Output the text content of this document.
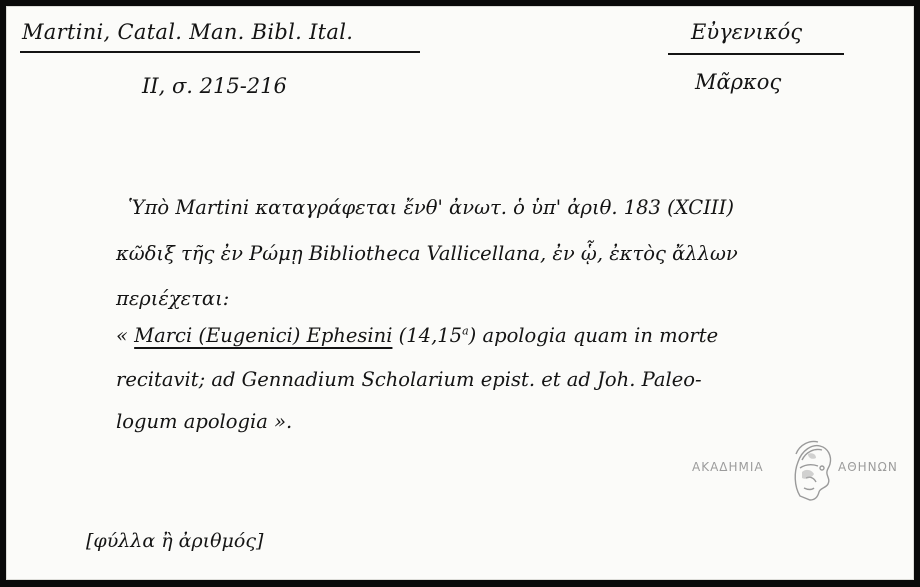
Martini, Catal. Man. Bibl. Ital.
II, σ. 215-216
Εὐγενικός
Μᾶρκος
Ὑπὸ Martini καταγράφεται ἔνθ' ἀνωτ. ὁ ὑπ' ἀριθ. 183 (XCIII)
κῶδιξ τῆς ἐν Ρώμῃ Bibliotheca Vallicellana, ἐν ᾧ, ἐκτὸς ἄλλων
περιέχεται:
« Marci (Eugenici) Ephesini (14,15$^a$) apologia quam in morte
recitavit; ad Gennadium Scholarium epist. et ad Joh. Paleo-
logum apologia ».
[φύλλα ἢ ἀριθμός]
ΑΚΑΔΗΜΙΑ	ΑΘΗΝΩΝ
